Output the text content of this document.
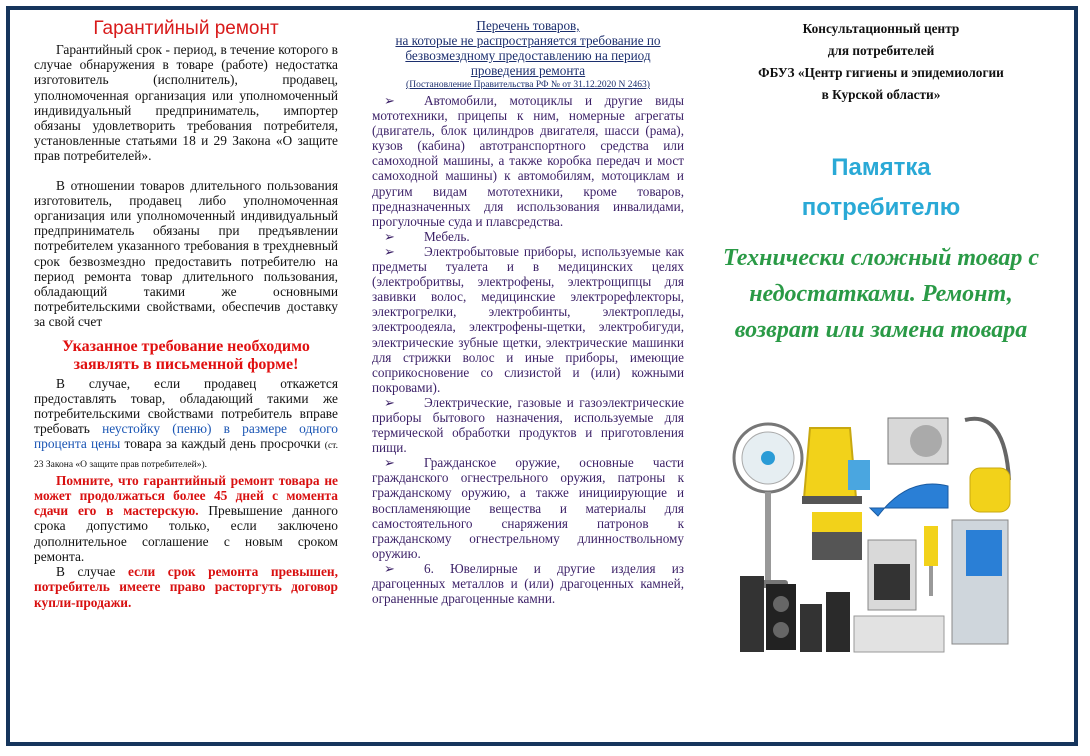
Гарантийный ремонт

Гарантийный срок - период, в течение которого в случае обнаружения в товаре (работе) недостатка изготовитель (исполнитель), продавец, уполномоченная организация или уполномоченный индивидуальный предприниматель, импортер обязаны удовлетворить требования потребителя, установленные статьями 18 и 29 Закона «О защите прав потребителей».

В отношении товаров длительного пользования изготовитель, продавец либо уполномоченная организация или уполномоченный индивидуальный предприниматель обязаны при предъявлении потребителем указанного требования в трехдневный срок безвозмездно предоставить потребителю на период ремонта товар длительного пользования, обладающий такими же основными потребительскими свойствами, обеспечив доставку за свой счет

Указанное требование необходимо заявлять в письменной форме!

В случае, если продавец откажется предоставлять товар, обладающий такими же потребительскими свойствами потребитель вправе требовать неустойку (пеню) в размере одного процента цены товара за каждый день просрочки (ст. 23 Закона «О защите прав потребителей»).

Помните, что гарантийный ремонт товара не может продолжаться более 45 дней с момента сдачи его в мастерскую. Превышение данного срока допустимо только, если заключено дополнительное соглашение с новым сроком ремонта.

В случае если срок ремонта превышен, потребитель имеете право расторгуть договор купли-продажи.

Перечень товаров,
на которые не распространяется требование по безвозмездному предоставлению на период проведения ремонта
(Постановление Правительства РФ № от 31.12.2020 N 2463)

➢ Автомобили, мотоциклы и другие виды мототехники, прицепы к ним, номерные агрегаты (двигатель, блок цилиндров двигателя, шасси (рама), кузов (кабина) автотранспортного средства или самоходной машины, а также коробка передач и мост самоходной машины) к автомобилям, мотоциклам и другим видам мототехники, кроме товаров, предназначенных для использования инвалидами, прогулочные суда и плавсредства.

➢ Мебель.

➢ Электробытовые приборы, используемые как предметы туалета и в медицинских целях (электробритвы, электрофены, электрощипцы для завивки волос, медицинские электрорефлекторы, электрогрелки, электробинты, электропледы, электроодеяла, электрофены-щетки, электробигуди, электрические зубные щетки, электрические машинки для стрижки волос и иные приборы, имеющие соприкосновение со слизистой и (или) кожными покровами).

➢ Электрические, газовые и газоэлектрические приборы бытового назначения, используемые для термической обработки продуктов и приготовления пищи.

➢ Гражданское оружие, основные части гражданского огнестрельного оружия, патроны к гражданскому оружию, а также инициирующие и воспламеняющие вещества и материалы для самостоятельного снаряжения патронов к гражданскому огнестрельному длинноствольному оружию.

➢ 6. Ювелирные и другие изделия из драгоценных металлов и (или) драгоценных камней, ограненные драгоценные камни.

Консультационный центр
для потребителей
ФБУЗ «Центр гигиены и эпидемиологии
в Курской области»
Памятка
потребителю
Технически сложный товар с недостатками. Ремонт, возврат или замена товара
